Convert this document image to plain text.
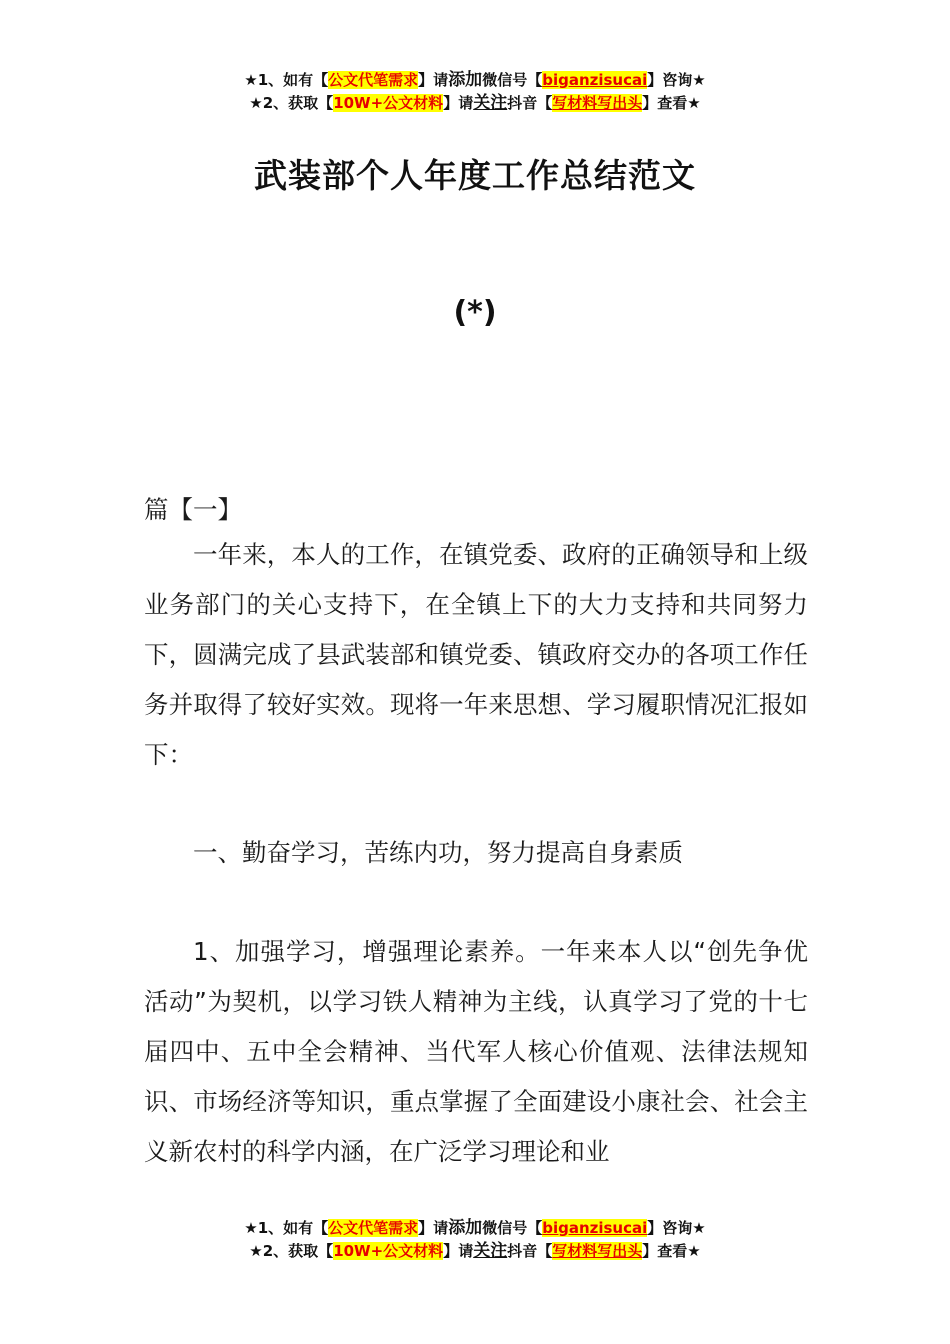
★1、如有【公文代笔需求】请添加微信号【biganzisucai】咨询★
★2、获取【10W+公文材料】请关注抖音【写材料写出头】查看★
武装部个人年度工作总结范文
(*)

篇【一】

一年来，本人的工作，在镇党委、政府的正确领导和上级业务部门的关心支持下，在全镇上下的大力支持和共同努力下，圆满完成了县武装部和镇党委、镇政府交办的各项工作任务并取得了较好实效。现将一年来思想、学习履职情况汇报如下：

一、勤奋学习，苦练内功，努力提高自身素质

1、加强学习，增强理论素养。一年来本人以“创先争优活动”为契机，以学习铁人精神为主线，认真学习了党的十七届四中、五中全会精神、当代军人核心价值观、法律法规知识、市场经济等知识，重点掌握了全面建设小康社会、社会主义新农村的科学内涵，在广泛学习理论和业

★1、如有【公文代笔需求】请添加微信号【biganzisucai】咨询★
★2、获取【10W+公文材料】请关注抖音【写材料写出头】查看★
